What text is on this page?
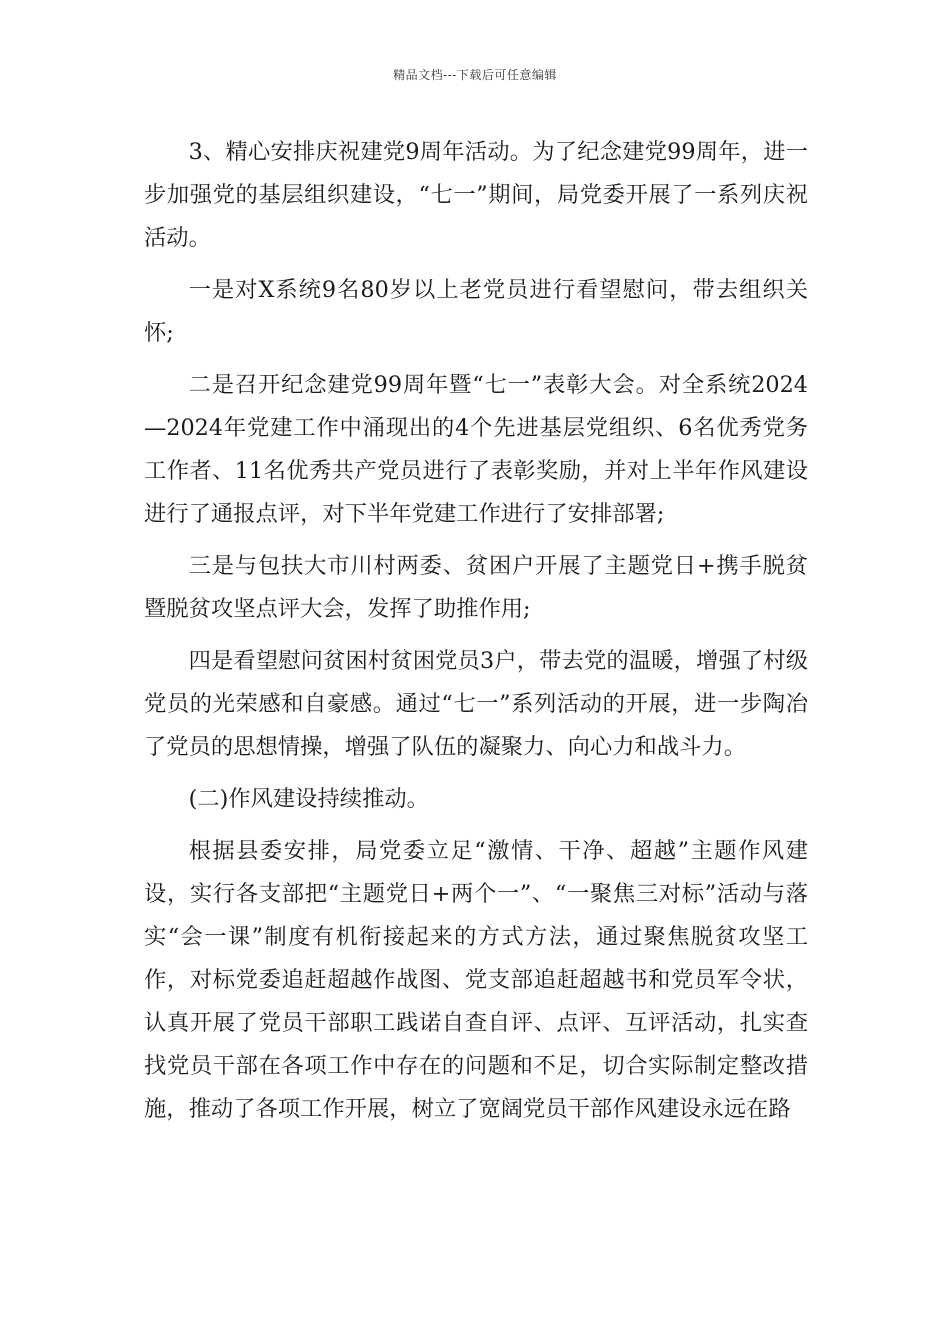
精品文档---下载后可任意编辑

3、精心安排庆祝建党9周年活动。为了纪念建党99周年，进一步加强党的基层组织建设，“七一”期间，局党委开展了一系列庆祝活动。

一是对X系统9名80岁以上老党员进行看望慰问，带去组织关怀;

二是召开纪念建党99周年暨“七一”表彰大会。对全系统2024—2024年党建工作中涌现出的4个先进基层党组织、6名优秀党务工作者、11名优秀共产党员进行了表彰奖励，并对上半年作风建设进行了通报点评，对下半年党建工作进行了安排部署;

三是与包扶大市川村两委、贫困户开展了主题党日+携手脱贫暨脱贫攻坚点评大会，发挥了助推作用;

四是看望慰问贫困村贫困党员3户，带去党的温暖，增强了村级党员的光荣感和自豪感。通过“七一”系列活动的开展，进一步陶冶了党员的思想情操，增强了队伍的凝聚力、向心力和战斗力。

(二)作风建设持续推动。

根据县委安排，局党委立足“激情、干净、超越”主题作风建设，实行各支部把“主题党日+两个一”、“一聚焦三对标”活动与落实“会一课”制度有机衔接起来的方式方法，通过聚焦脱贫攻坚工作，对标党委追赶超越作战图、党支部追赶超越书和党员军令状，认真开展了党员干部职工践诺自查自评、点评、互评活动，扎实查找党员干部在各项工作中存在的问题和不足，切合实际制定整改措施，推动了各项工作开展，树立了宽阔党员干部作风建设永远在路
